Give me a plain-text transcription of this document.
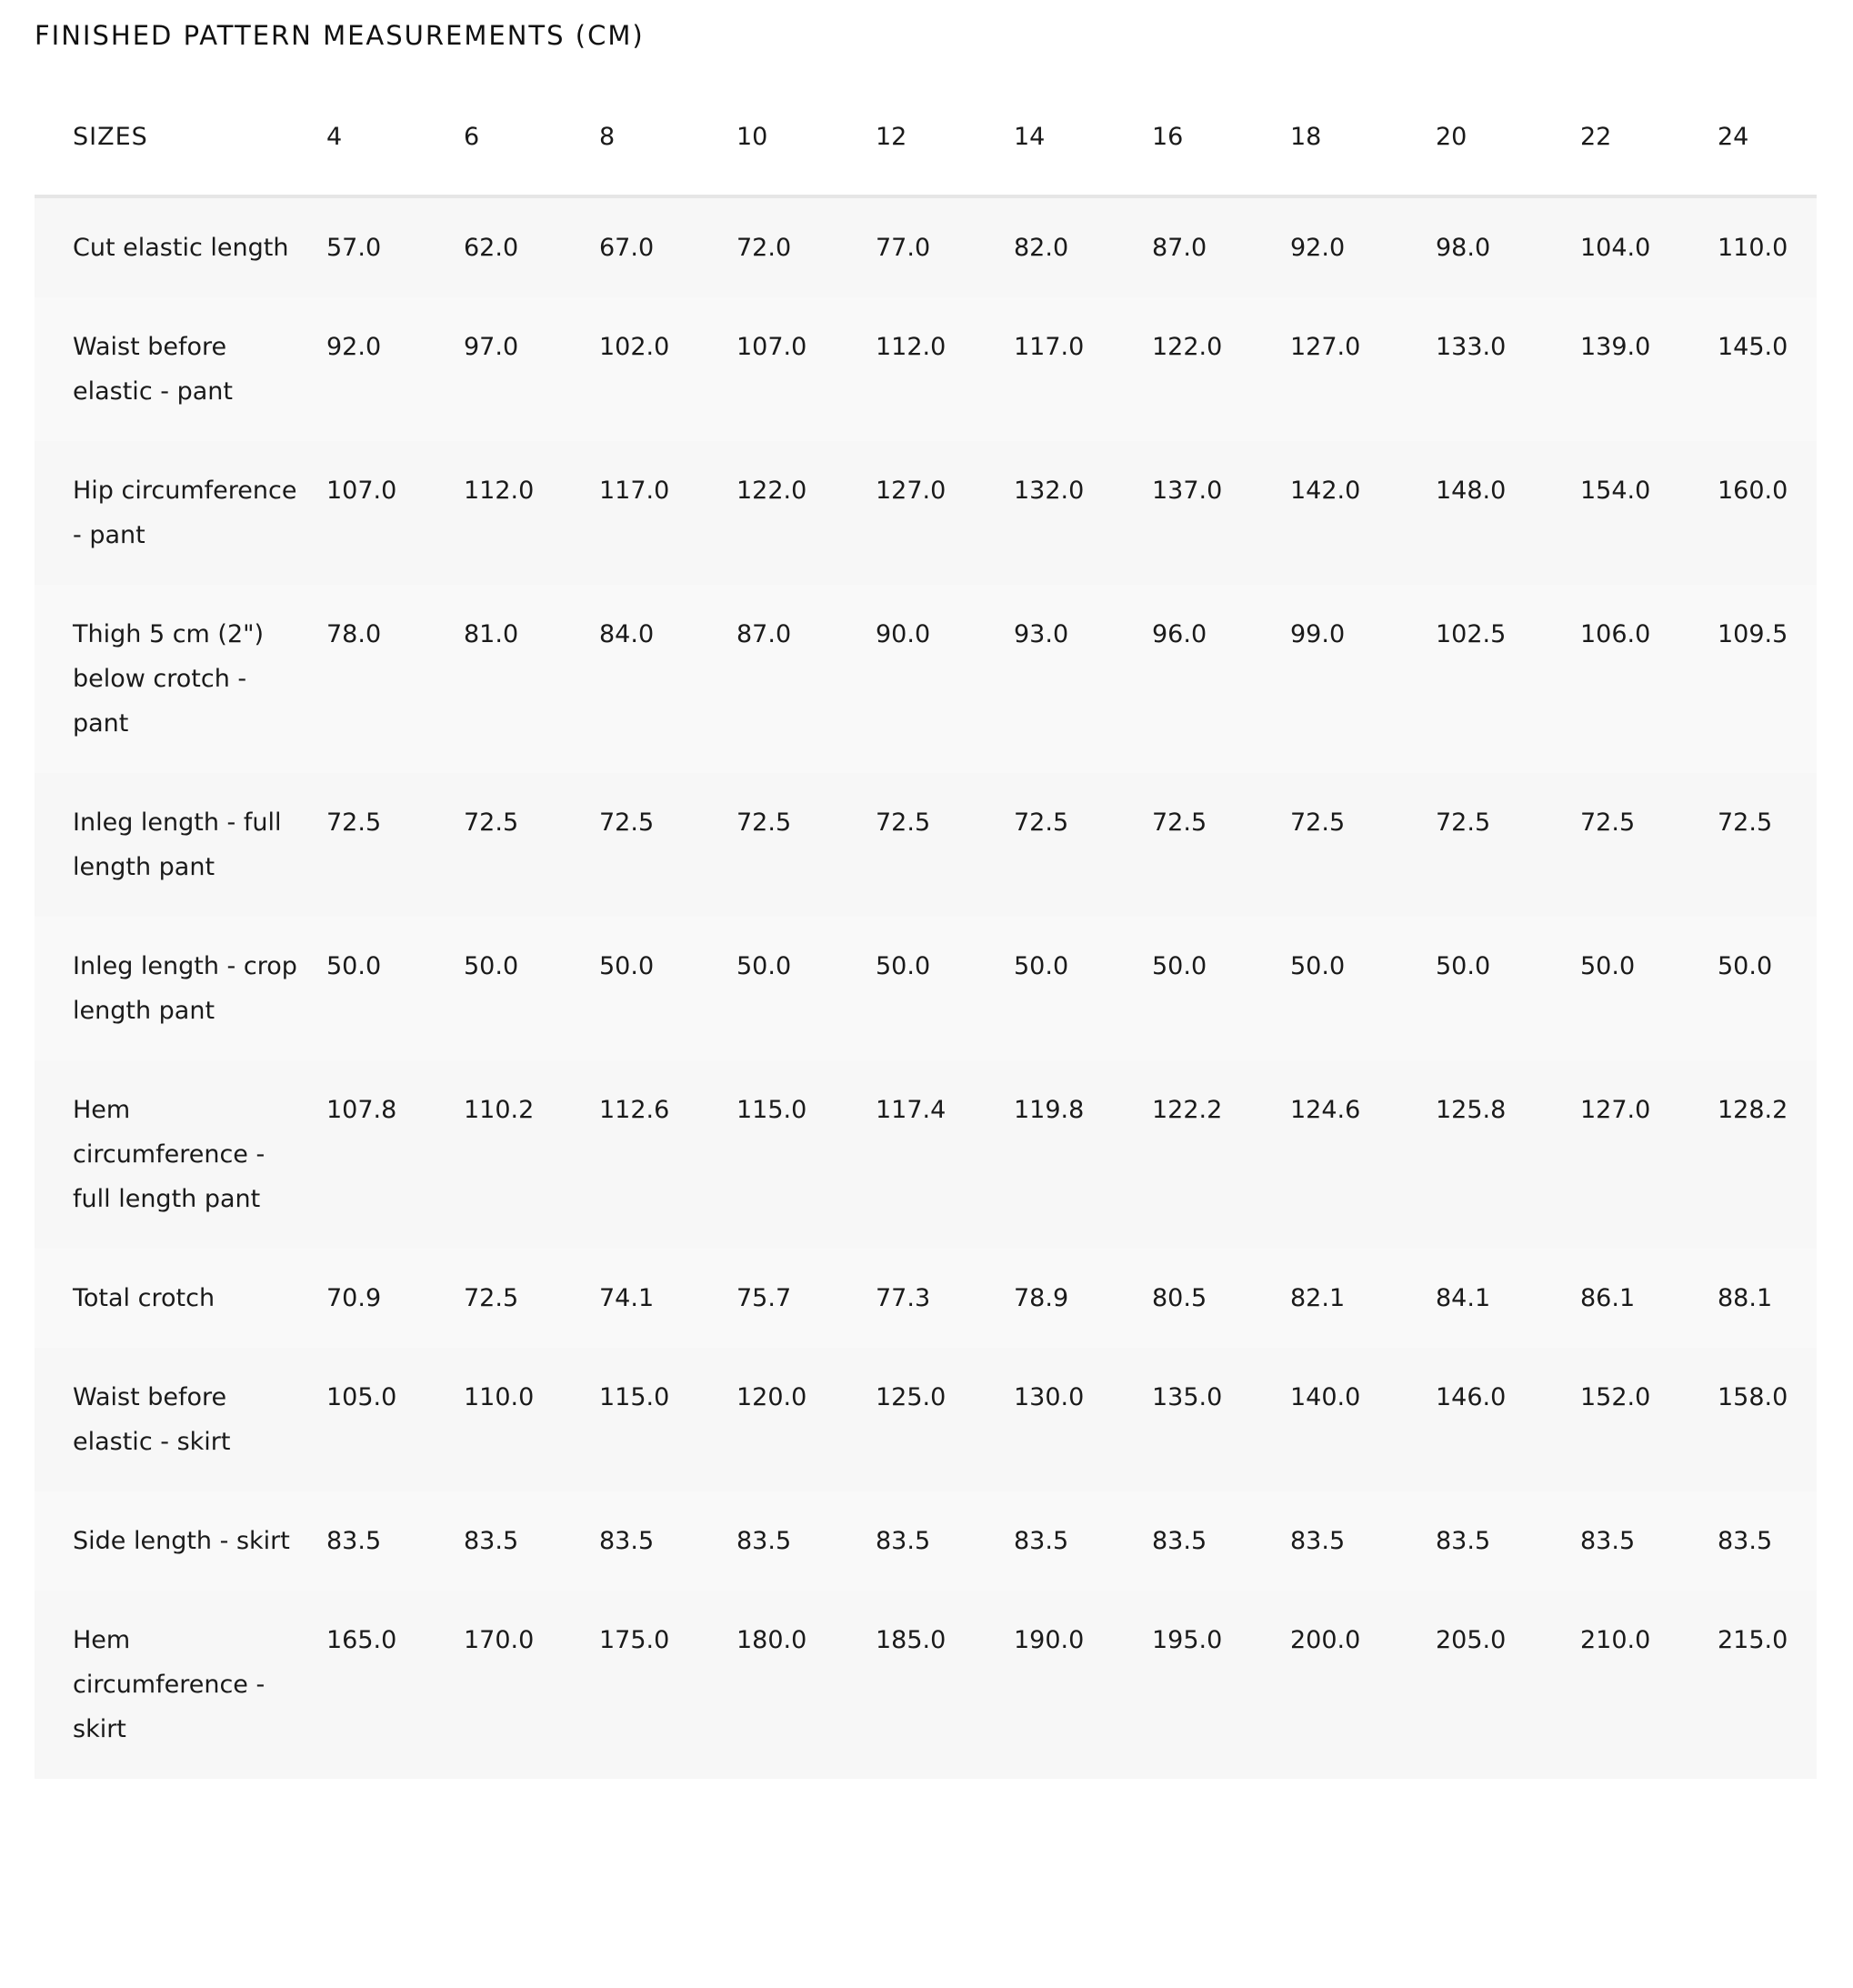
FINISHED PATTERN MEASUREMENTS (CM)
SIZES	4	6	8	10	12	14	16	18	20	22	24
Cut elastic length	57.0	62.0	67.0	72.0	77.0	82.0	87.0	92.0	98.0	104.0	110.0
Waist before elastic - pant	92.0	97.0	102.0	107.0	112.0	117.0	122.0	127.0	133.0	139.0	145.0
Hip circumference - pant	107.0	112.0	117.0	122.0	127.0	132.0	137.0	142.0	148.0	154.0	160.0
Thigh 5 cm (2") below crotch - pant	78.0	81.0	84.0	87.0	90.0	93.0	96.0	99.0	102.5	106.0	109.5
Inleg length - full length pant	72.5	72.5	72.5	72.5	72.5	72.5	72.5	72.5	72.5	72.5	72.5
Inleg length - crop length pant	50.0	50.0	50.0	50.0	50.0	50.0	50.0	50.0	50.0	50.0	50.0
Hem circumference - full length pant	107.8	110.2	112.6	115.0	117.4	119.8	122.2	124.6	125.8	127.0	128.2
Total crotch	70.9	72.5	74.1	75.7	77.3	78.9	80.5	82.1	84.1	86.1	88.1
Waist before elastic - skirt	105.0	110.0	115.0	120.0	125.0	130.0	135.0	140.0	146.0	152.0	158.0
Side length - skirt	83.5	83.5	83.5	83.5	83.5	83.5	83.5	83.5	83.5	83.5	83.5
Hem circumference - skirt	165.0	170.0	175.0	180.0	185.0	190.0	195.0	200.0	205.0	210.0	215.0
